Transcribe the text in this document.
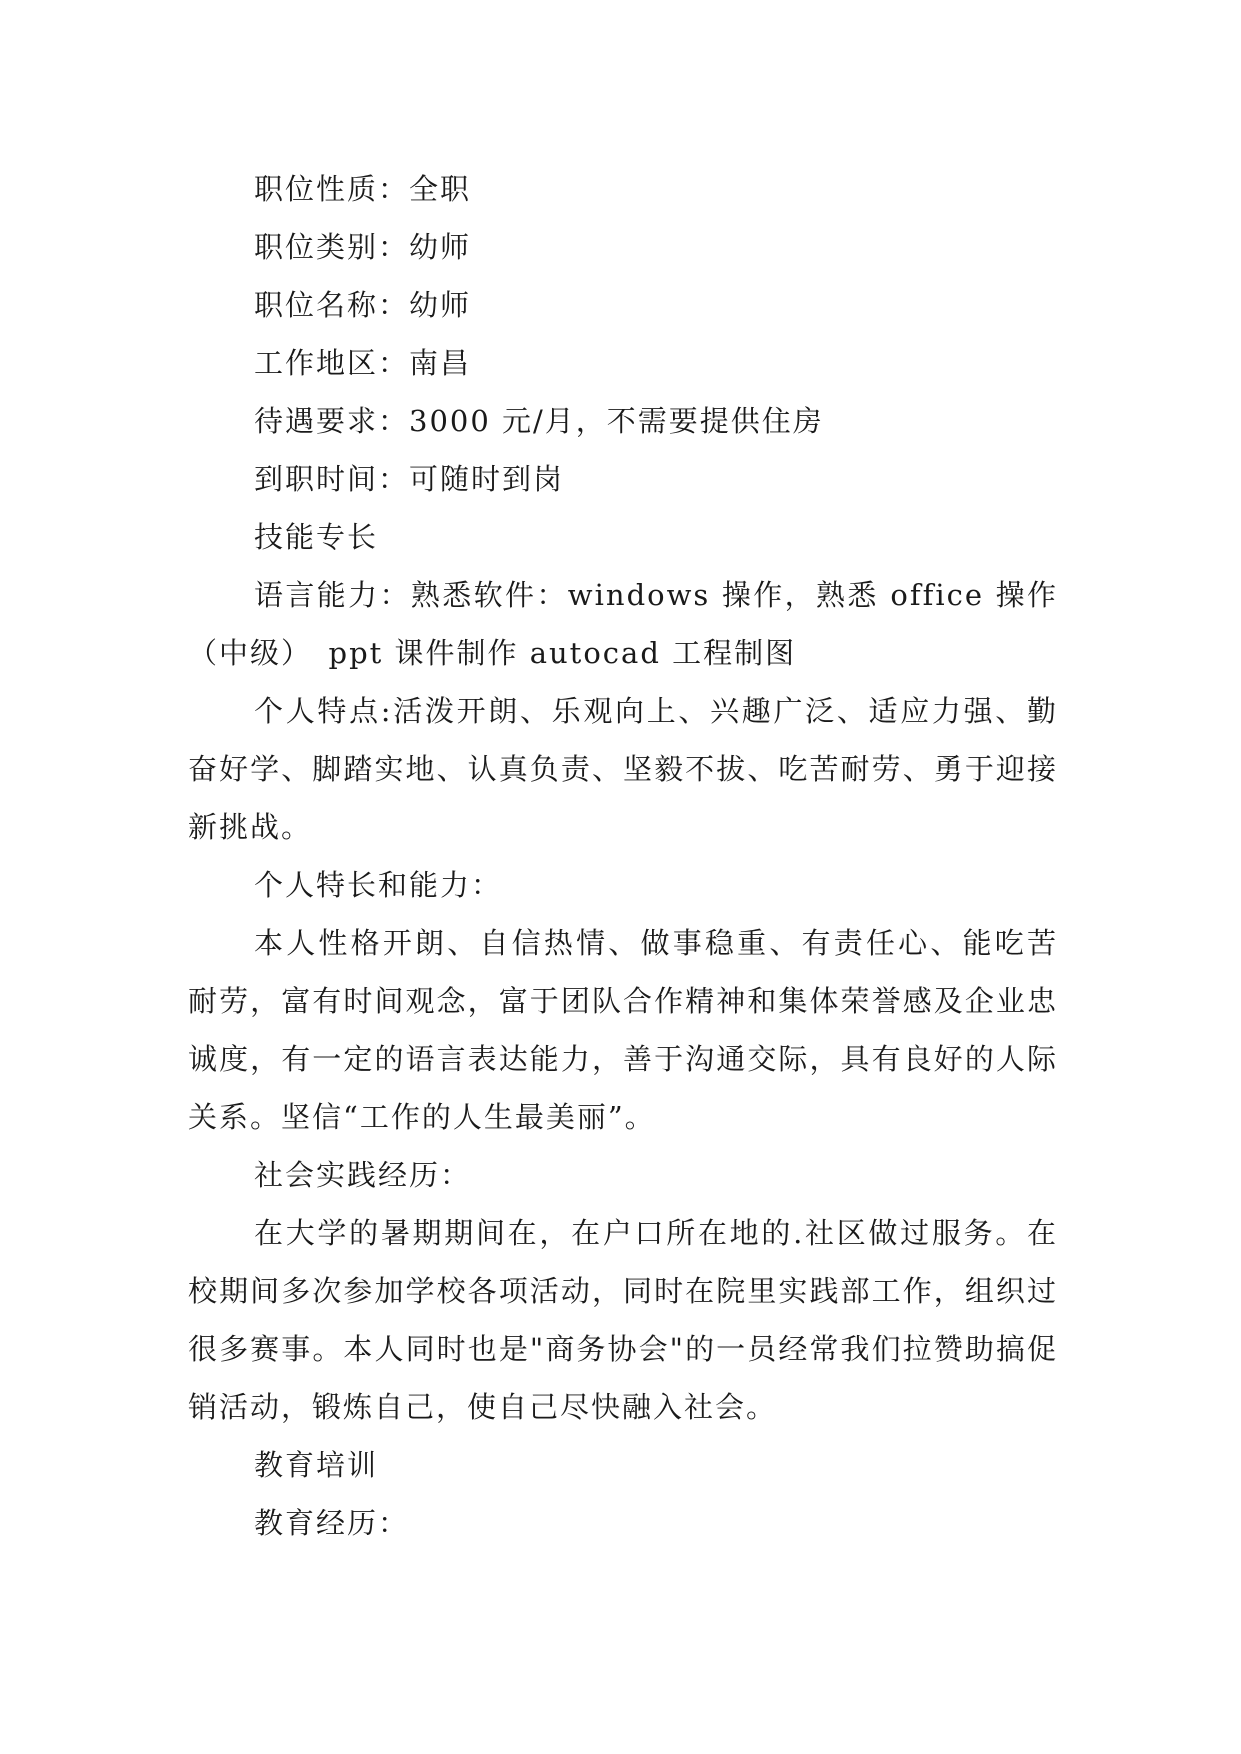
职位性质：全职

职位类别：幼师

职位名称：幼师

工作地区：南昌

待遇要求：3000 元/月，不需要提供住房

到职时间：可随时到岗

技能专长

语言能力：熟悉软件：windows 操作，熟悉 office 操作（中级）　ppt 课件制作 autocad 工程制图

个人特点:活泼开朗、乐观向上、兴趣广泛、适应力强、勤奋好学、脚踏实地、认真负责、坚毅不拔、吃苦耐劳、勇于迎接新挑战。

个人特长和能力：

本人性格开朗、自信热情、做事稳重、有责任心、能吃苦耐劳，富有时间观念，富于团队合作精神和集体荣誉感及企业忠诚度，有一定的语言表达能力，善于沟通交际，具有良好的人际关系。坚信“工作的人生最美丽”。

社会实践经历：

在大学的暑期期间在，在户口所在地的.社区做过服务。在校期间多次参加学校各项活动，同时在院里实践部工作，组织过很多赛事。本人同时也是"商务协会"的一员经常我们拉赞助搞促销活动，锻炼自己，使自己尽快融入社会。

教育培训

教育经历：
